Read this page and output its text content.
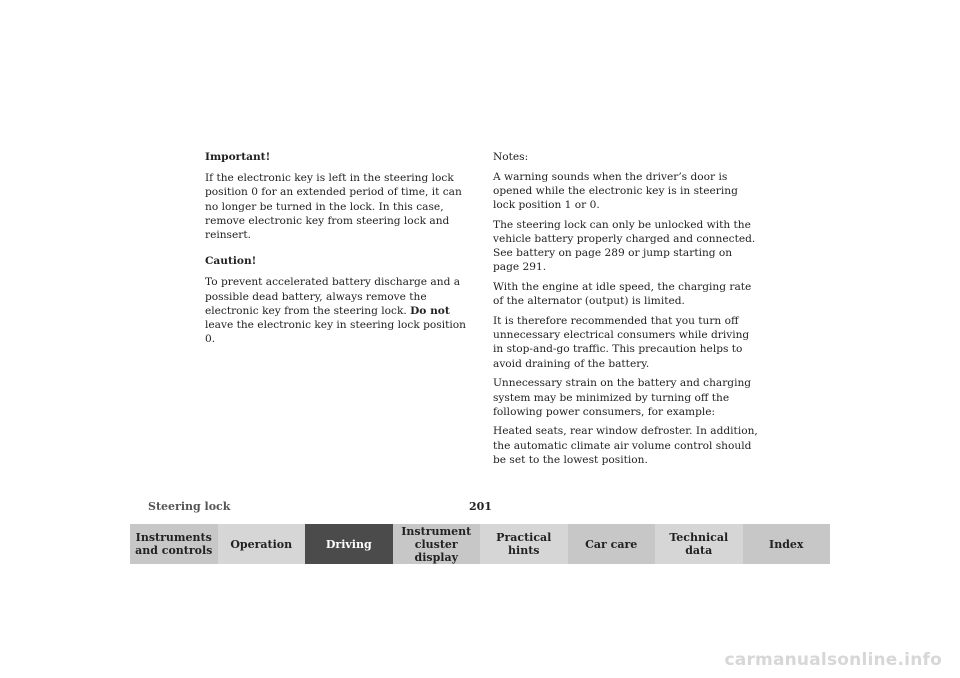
Important!

If the electronic key is left in the steering lock position 0 for an extended period of time, it can no longer be turned in the lock. In this case, remove electronic key from steering lock and reinsert.

Caution!

To prevent accelerated battery discharge and a possible dead battery, always remove the electronic key from the steering lock. Do not leave the electronic key in steering lock position 0.

Notes:

A warning sounds when the driver’s door is opened while the electronic key is in steering lock position 1 or 0.

The steering lock can only be unlocked with the vehicle battery properly charged and connected. See battery on page 289 or jump starting on page 291.

With the engine at idle speed, the charging rate of the alternator (output) is limited.

It is therefore recommended that you turn off unnecessary electrical consumers while driving in stop-and-go traffic. This precaution helps to avoid draining of the battery.

Unnecessary strain on the battery and charging system may be minimized by turning off the following power consumers, for example:

Heated seats, rear window defroster. In addition, the automatic climate air volume control should be set to the lowest position.

Steering lock	201
Instruments
and controls	Operation	Driving
Instrument
cluster display
Practical hints	Car care	Technical
data	Index
carmanualsonline.info
